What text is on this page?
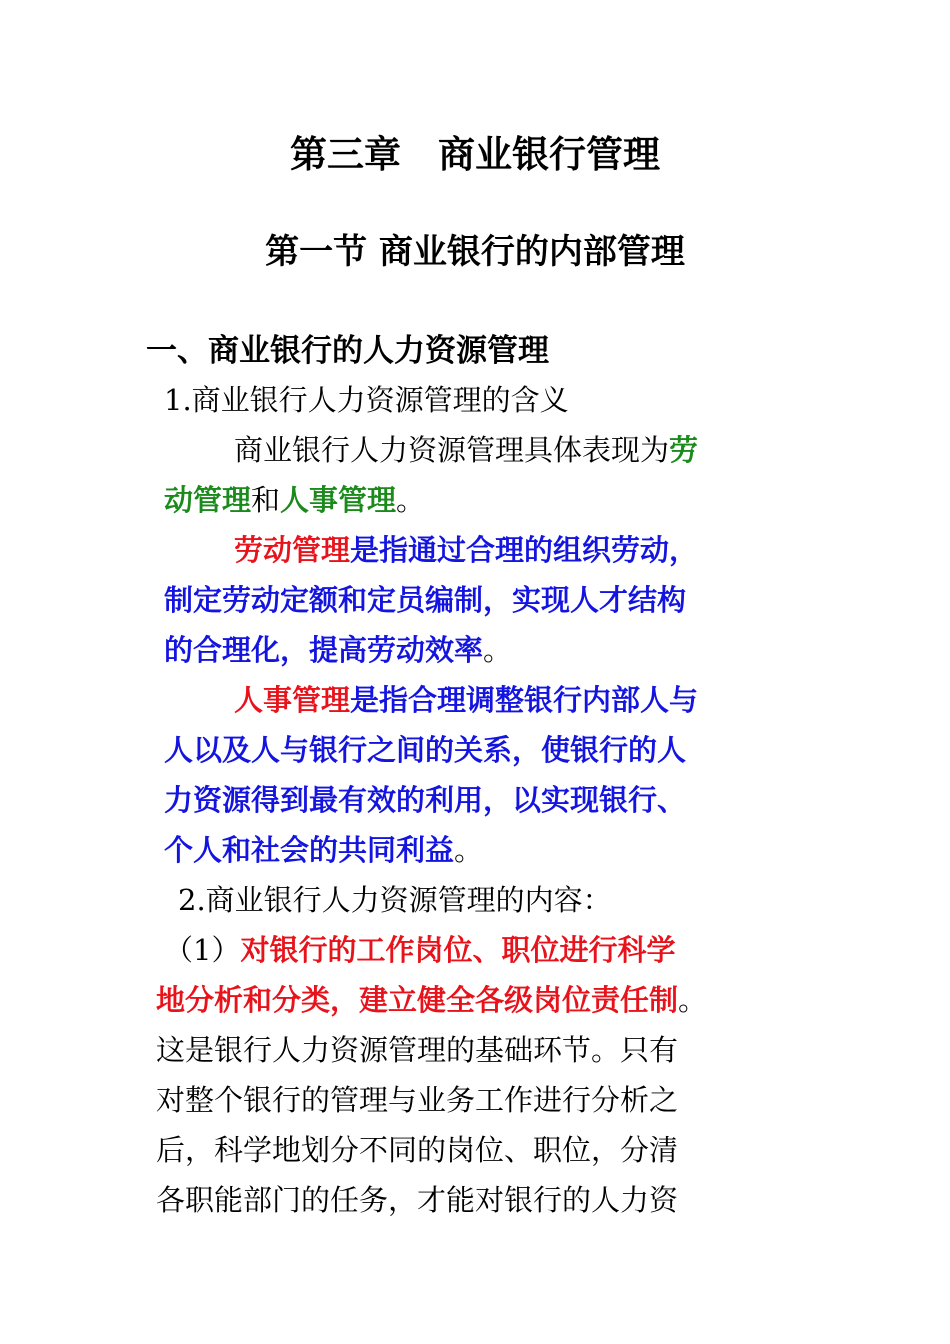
第三章　商业银行管理
第一节 商业银行的内部管理
一、商业银行的人力资源管理
1.商业银行人力资源管理的含义
商业银行人力资源管理具体表现为劳
动管理和人事管理。
劳动管理是指通过合理的组织劳动，
制定劳动定额和定员编制，实现人才结构
的合理化，提高劳动效率。
人事管理是指合理调整银行内部人与
人以及人与银行之间的关系，使银行的人
力资源得到最有效的利用，以实现银行、
个人和社会的共同利益。
2.商业银行人力资源管理的内容：
（1）对银行的工作岗位、职位进行科学
地分析和分类，建立健全各级岗位责任制。
这是银行人力资源管理的基础环节。只有
对整个银行的管理与业务工作进行分析之
后，科学地划分不同的岗位、职位，分清
各职能部门的任务，才能对银行的人力资
